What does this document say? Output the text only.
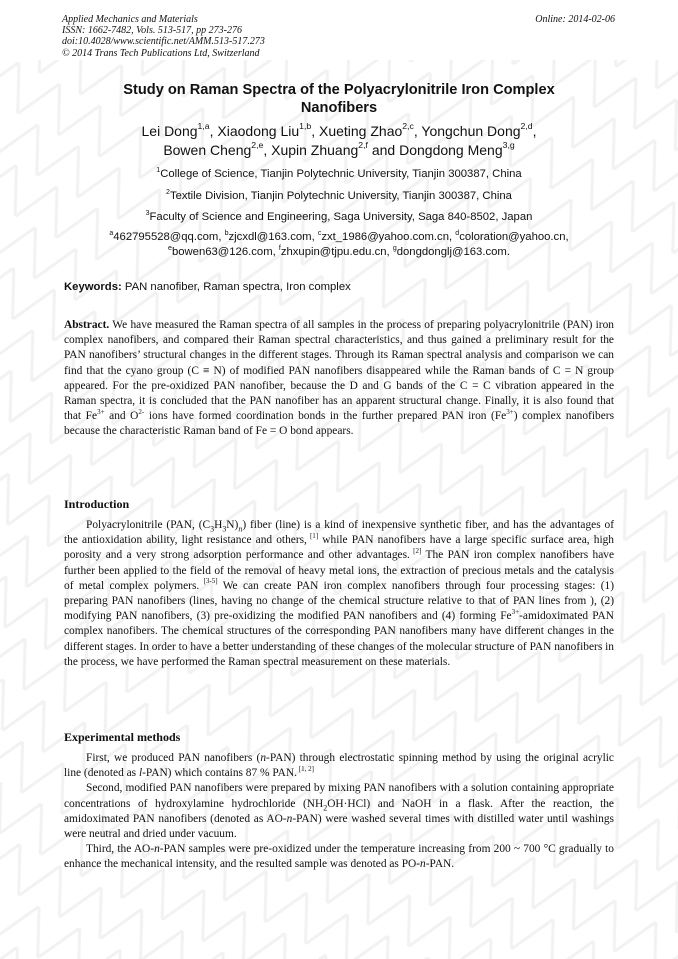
Applied Mechanics and Materials
ISSN: 1662-7482, Vols. 513-517, pp 273-276
doi:10.4028/www.scientific.net/AMM.513-517.273
© 2014 Trans Tech Publications Ltd, Switzerland
Online: 2014-02-06
Study on Raman Spectra of the Polyacrylonitrile Iron Complex
Nanofibers
Lei Dong$^{1,a}$, Xiaodong Liu$^{1,b}$, Xueting Zhao$^{2,c}$, Yongchun Dong$^{2,d}$,
Bowen Cheng$^{2,e}$, Xupin Zhuang$^{2,f}$ and Dongdong Meng$^{3,g}$
$^1$College of Science, Tianjin Polytechnic University, Tianjin 300387, China
$^2$Textile Division, Tianjin Polytechnic University, Tianjin 300387, China
$^3$Faculty of Science and Engineering, Saga University, Saga 840-8502, Japan
$^a$462795528@qq.com, $^b$zjcxdl@163.com, $^c$zxt_1986@yahoo.com.cn, $^d$coloration@yahoo.cn,
$^e$bowen63@126.com, $^f$zhxupin@tjpu.edu.cn, $^g$dongdonglj@163.com.
Keywords: PAN nanofiber, Raman spectra, Iron complex

Abstract. We have measured the Raman spectra of all samples in the process of preparing polyacrylonitrile (PAN) iron complex nanofibers, and compared their Raman spectral characteristics, and thus gained a preliminary result for the PAN nanofibers’ structural changes in the different stages. Through its Raman spectral analysis and comparison we can find that the cyano group (C ≡ N) of modified PAN nanofibers disappeared while the Raman bands of C = N group appeared. For the pre-oxidized PAN nanofiber, because the D and G bands of the C = C vibration appeared in the Raman spectra, it is concluded that the PAN nanofiber has an apparent structural change. Finally, it is also found that that $Fe^{3+}$ and $O^{2-}$ ions have formed coordination bonds in the further prepared PAN iron $(Fe^{3+})$ complex nanofibers because the characteristic Raman band of Fe = O bond appears.

Introduction

Polyacrylonitrile (PAN, $(C_3H_3N)_n$) fiber (line) is a kind of inexpensive synthetic fiber, and has the advantages of the antioxidation ability, light resistance and others, [1] while PAN nanofibers have a large specific surface area, high porosity and a very strong adsorption performance and other advantages. [2] The PAN iron complex nanofibers have further been applied to the field of the removal of heavy metal ions, the extraction of precious metals and the catalysis of metal complex polymers. [3-5] We can create PAN iron complex nanofibers through four processing stages: (1) preparing PAN nanofibers (lines, having no change of the chemical structure relative to that of PAN lines from ), (2) modifying PAN nanofibers, (3) pre-oxidizing the modified PAN nanofibers and (4) forming $Fe^{3+}$-amidoximated PAN complex nanofibers. The chemical structures of the corresponding PAN nanofibers many have different changes in the different stages. In order to have a better understanding of these changes of the molecular structure of PAN nanofibers in the process, we have performed the Raman spectral measurement on these materials.

Experimental methods

First, we produced PAN nanofibers (n-PAN) through electrostatic spinning method by using the original acrylic line (denoted as l-PAN) which contains 87 % PAN. [1, 2]

Second, modified PAN nanofibers were prepared by mixing PAN nanofibers with a solution containing appropriate concentrations of hydroxylamine hydrochloride $(NH_2OH\cdot HCl)$ and NaOH in a flask. After the reaction, the amidoximated PAN nanofibers (denoted as AO-n-PAN) were washed several times with distilled water until washings were neutral and dried under vacuum.

Third, the AO-n-PAN samples were pre-oxidized under the temperature increasing from 200 ~ 700 °C gradually to enhance the mechanical intensity, and the resulted sample was denoted as PO-n-PAN.
